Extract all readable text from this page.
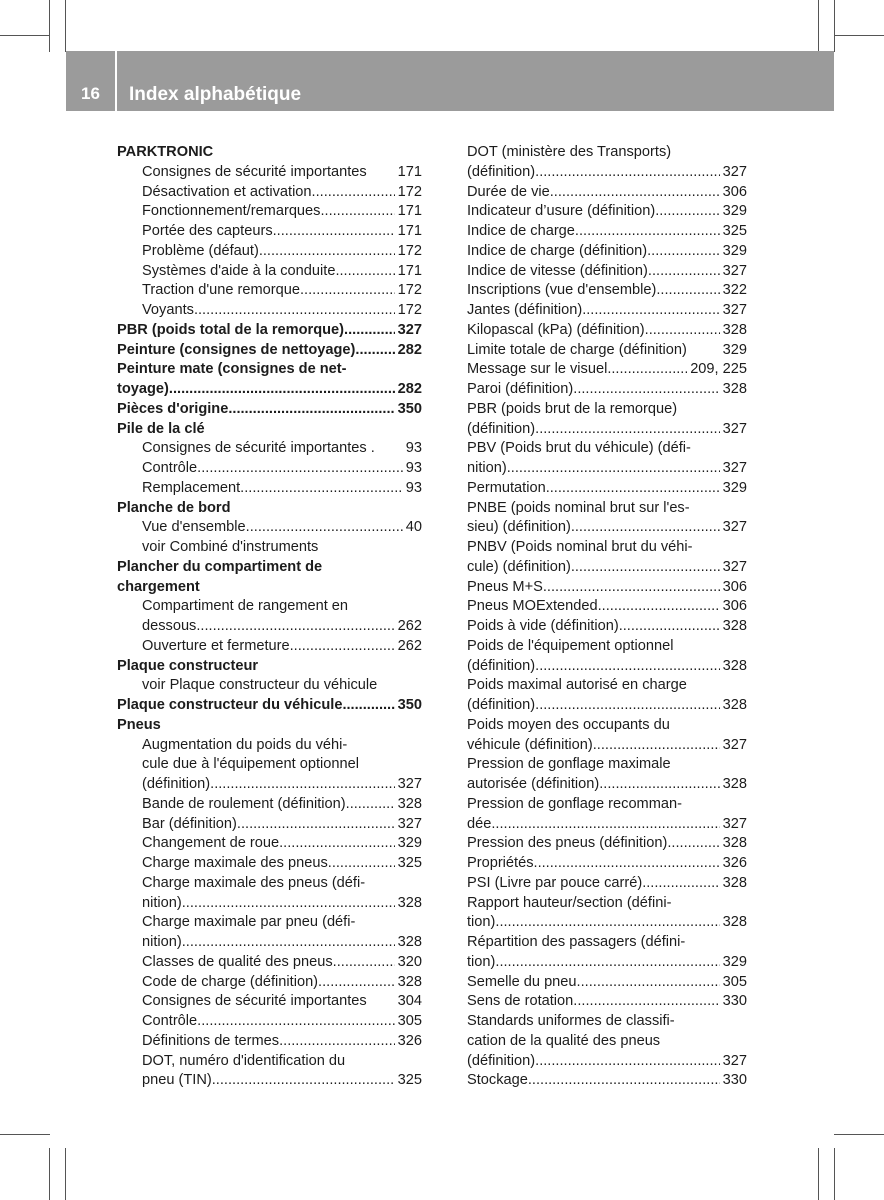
16	Index alphabétique
PARKTRONIC
Consignes de sécurité importantes 171
Désactivation et activation .....	172
Fonctionnement/remarques .....	171
Portée des capteurs .....	171
Problème (défaut) .....	172
Systèmes d'aide à la conduite .....	171
Traction d'une remorque .....	172
Voyants .....	172
PBR (poids total de la remorque) .....	327
Peinture (consignes de nettoyage) .....	282
Peinture mate (consignes de net-
toyage) .....	282
Pièces d'origine .....	350
Pile de la clé
Consignes de sécurité importantes . 93
Contrôle .....	93
Remplacement .....	93
Planche de bord
Vue d'ensemble .....	40
voir Combiné d'instruments
Plancher du compartiment de
chargement
Compartiment de rangement en
dessous .....	262
Ouverture et fermeture .....	262
Plaque constructeur
voir Plaque constructeur du véhicule
Plaque constructeur du véhicule .....	350
Pneus
Augmentation du poids du véhi-
cule due à l'équipement optionnel
(définition) .....	327
Bande de roulement (définition) .....	328
Bar (définition) .....	327
Changement de roue .....	329
Charge maximale des pneus .....	325
Charge maximale des pneus (défi-
nition) .....	328
Charge maximale par pneu (défi-
nition) .....	328
Classes de qualité des pneus .....	320
Code de charge (définition) .....	328
Consignes de sécurité importantes 304
Contrôle .....	305
Définitions de termes .....	326
DOT, numéro d'identification du
pneu (TIN) .....	325
DOT (ministère des Transports)
(définition) .....	327
Durée de vie .....	306
Indicateur d’usure (définition) .....	329
Indice de charge .....	325
Indice de charge (définition) .....	329
Indice de vitesse (définition) .....	327
Inscriptions (vue d'ensemble) .....	322
Jantes (définition) .....	327
Kilopascal (kPa) (définition) .....	328
Limite totale de charge (définition) 329
Message sur le visuel .....	209, 225
Paroi (définition) .....	328
PBR (poids brut de la remorque)
(définition) .....	327
PBV (Poids brut du véhicule) (défi-
nition) .....	327
Permutation .....	329
PNBE (poids nominal brut sur l'es-
sieu) (définition) .....	327
PNBV (Poids nominal brut du véhi-
cule) (définition) .....	327
Pneus M+S .....	306
Pneus MOExtended .....	306
Poids à vide (définition) .....	328
Poids de l'équipement optionnel
(définition) .....	328
Poids maximal autorisé en charge
(définition) .....	328
Poids moyen des occupants du
véhicule (définition) .....	327
Pression de gonflage maximale
autorisée (définition) .....	328
Pression de gonflage recomman-
dée .....	327
Pression des pneus (définition) .....	328
Propriétés .....	326
PSI (Livre par pouce carré) .....	328
Rapport hauteur/section (défini-
tion) .....	328
Répartition des passagers (défini-
tion) .....	329
Semelle du pneu .....	305
Sens de rotation .....	330
Standards uniformes de classifi-
cation de la qualité des pneus
(définition) .....	327
Stockage .....	330
